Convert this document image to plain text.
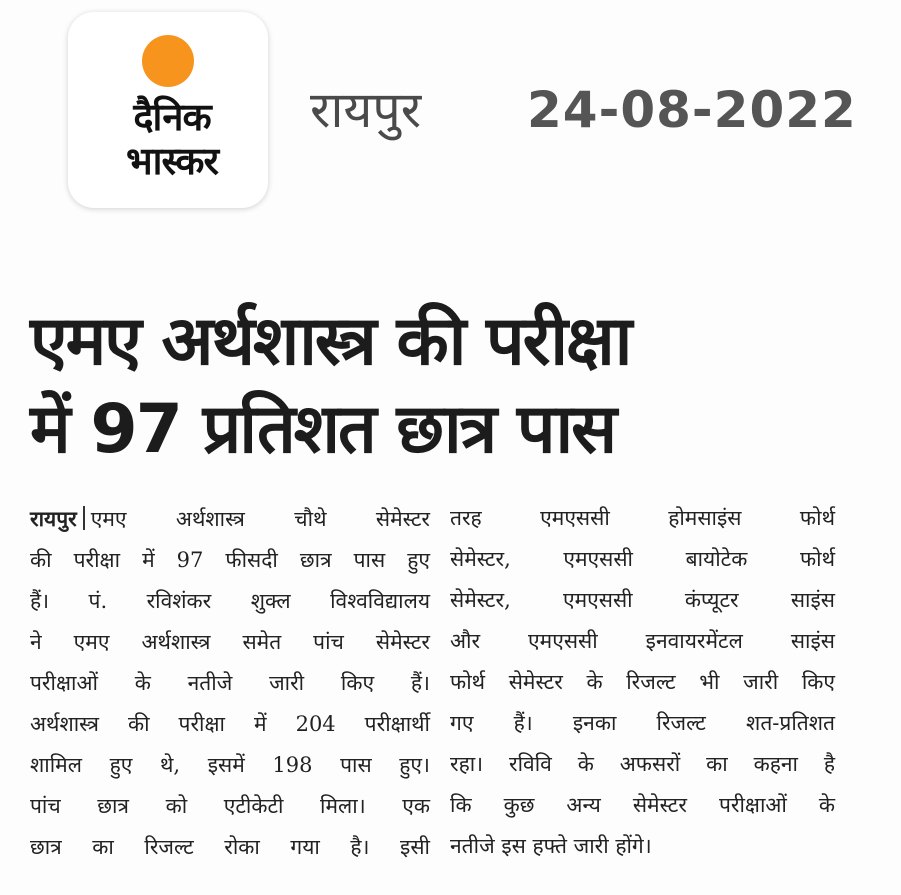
दैनिक
भास्कर
रायपुर 24-08-2022
एमए अर्थशास्त्र की परीक्षा
में 97 प्रतिशत छात्र पास
रायपुर एमए अर्थशास्त्र चौथे सेमेस्टर
की परीक्षा में 97 फीसदी छात्र पास हुए
हैं। पं. रविशंकर शुक्ल विश्वविद्यालय
ने एमए अर्थशास्त्र समेत पांच सेमेस्टर
परीक्षाओं के नतीजे जारी किए हैं।
अर्थशास्त्र की परीक्षा में 204 परीक्षार्थी
शामिल हुए थे, इसमें 198 पास हुए।
पांच छात्र को एटीकेटी मिला। एक
छात्र का रिजल्ट रोका गया है। इसी
तरह एमएससी होमसाइंस फोर्थ
सेमेस्टर, एमएससी बायोटेक फोर्थ
सेमेस्टर, एमएससी कंप्यूटर साइंस
और एमएससी इनवायरमेंटल साइंस
फोर्थ सेमेस्टर के रिजल्ट भी जारी किए
गए हैं। इनका रिजल्ट शत-प्रतिशत
रहा। रविवि के अफसरों का कहना है
कि कुछ अन्य सेमेस्टर परीक्षाओं के
नतीजे इस हफ्ते जारी होंगे।
